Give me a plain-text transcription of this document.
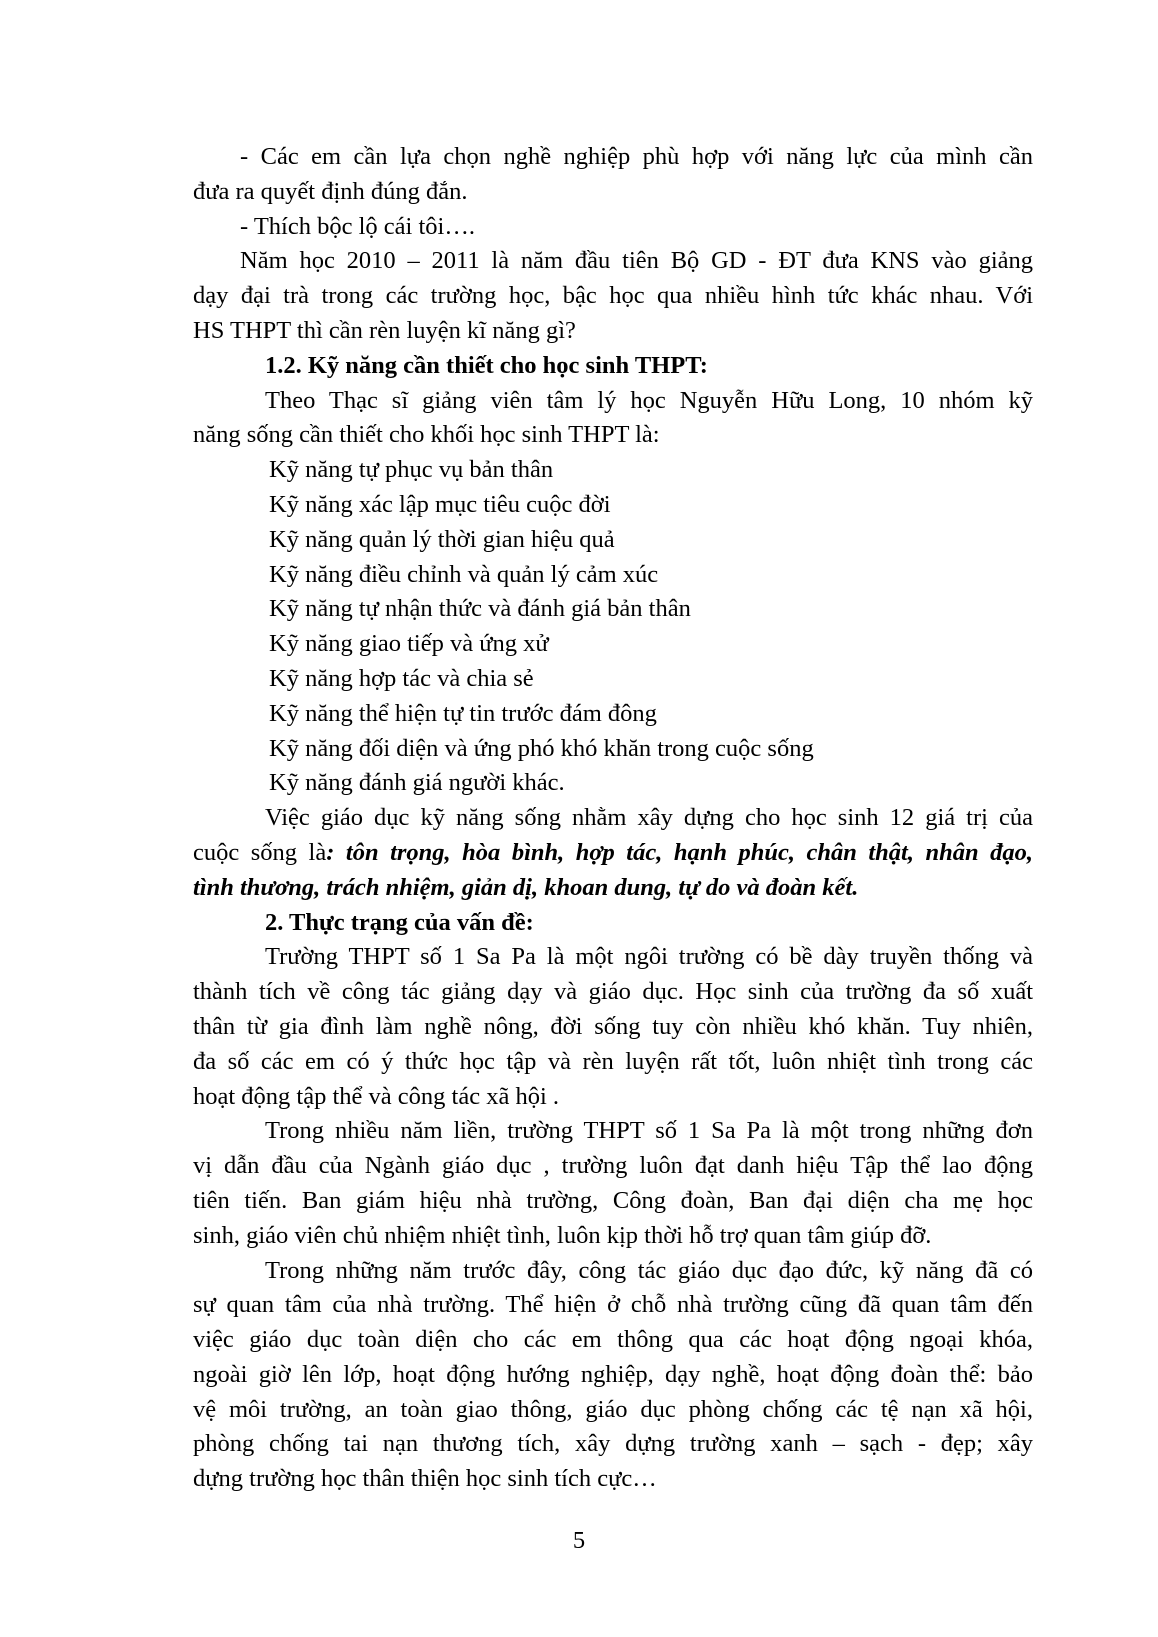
- Các em cần lựa chọn nghề nghiệp phù hợp với năng lực của mình cần
đưa ra quyết định đúng đắn.
- Thích bộc lộ cái tôi….
Năm học 2010 – 2011 là năm đầu tiên Bộ GD - ĐT đưa KNS vào giảng
dạy đại trà trong các trường học, bậc học qua nhiều hình tức khác nhau. Với
HS THPT thì cần rèn luyện kĩ năng gì?
1.2. Kỹ năng cần thiết cho học sinh THPT:
Theo Thạc sĩ giảng viên tâm lý học Nguyễn Hữu Long, 10 nhóm kỹ
năng sống cần thiết cho khối học sinh THPT là:
Kỹ năng tự phục vụ bản thân
Kỹ năng xác lập mục tiêu cuộc đời
Kỹ năng quản lý thời gian hiệu quả
Kỹ năng điều chỉnh và quản lý cảm xúc
Kỹ năng tự nhận thức và đánh giá bản thân
Kỹ năng giao tiếp và ứng xử
Kỹ năng hợp tác và chia sẻ
Kỹ năng thể hiện tự tin trước đám đông
Kỹ năng đối diện và ứng phó khó khăn trong cuộc sống
Kỹ năng đánh giá người khác.
Việc giáo dục kỹ năng sống nhằm xây dựng cho học sinh 12 giá trị của
cuộc sống là: tôn trọng, hòa bình, hợp tác, hạnh phúc, chân thật, nhân đạo,
tình thương, trách nhiệm, giản dị, khoan dung, tự do và đoàn kết.
2. Thực trạng của vấn đề:
Trường THPT số 1 Sa Pa là một ngôi trường có bề dày truyền thống và
thành tích về công tác giảng dạy và giáo dục. Học sinh của trường đa số xuất
thân từ gia đình làm nghề nông, đời sống tuy còn nhiều khó khăn. Tuy nhiên,
đa số các em có ý thức học tập và rèn luyện rất tốt, luôn nhiệt tình trong các
hoạt động tập thể và công tác xã hội .
Trong nhiều năm liền, trường THPT số 1 Sa Pa là một trong những đơn
vị dẫn đầu của Ngành giáo dục , trường luôn đạt danh hiệu Tập thể lao động
tiên tiến. Ban giám hiệu nhà trường, Công đoàn, Ban đại diện cha mẹ học
sinh, giáo viên chủ nhiệm nhiệt tình, luôn kịp thời hỗ trợ quan tâm giúp đỡ.
Trong những năm trước đây, công tác giáo dục đạo đức, kỹ năng đã có
sự quan tâm của nhà trường. Thể hiện ở chỗ nhà trường cũng đã quan tâm đến
việc giáo dục toàn diện cho các em thông qua các hoạt động ngoại khóa,
ngoài giờ lên lớp, hoạt động hướng nghiệp, dạy nghề, hoạt động đoàn thể: bảo
vệ môi trường, an toàn giao thông, giáo dục phòng chống các tệ nạn xã hội,
phòng chống tai nạn thương tích, xây dựng trường xanh – sạch - đẹp; xây
dựng trường học thân thiện học sinh tích cực…
5
